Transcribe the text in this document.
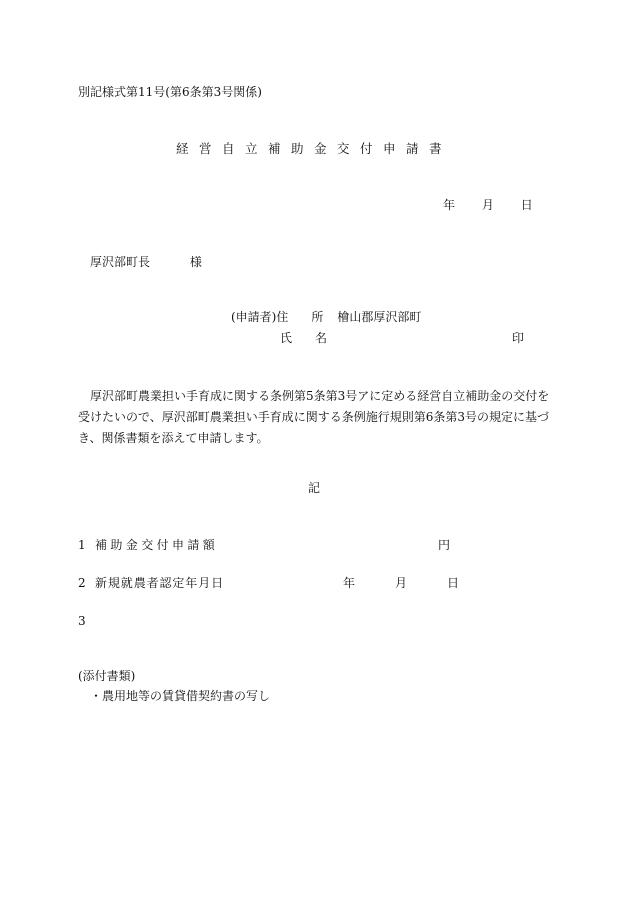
別記様式第11号(第6条第3号関係)
経営自立補助金交付申請書
年 月 日
厚沢部町長	様
(申請者)住 所 檜山郡厚沢部町
氏 名	印
厚沢部町農業担い手育成に関する条例第5条第3号アに定める経営自立補助金の交付を受けたいので、厚沢部町農業担い手育成に関する条例施行規則第6条第3号の規定に基づき、関係書類を添えて申請します。
記
1 補助金交付申請額	円
2 新規就農者認定年月日	年	月	日
3
(添付書類)
・農用地等の賃貸借契約書の写し
